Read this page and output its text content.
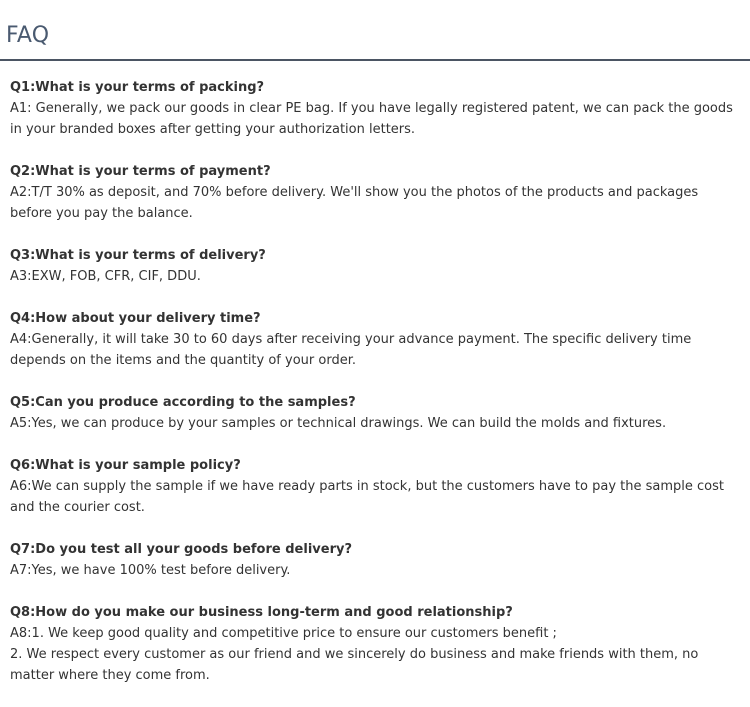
FAQ

Q1:What is your terms of packing?

A1: Generally, we pack our goods in clear PE bag. If you have legally registered patent, we can pack the goods
in your branded boxes after getting your authorization letters.

Q2:What is your terms of payment?

A2:T/T 30% as deposit, and 70% before delivery. We'll show you the photos of the products and packages
before you pay the balance.

Q3:What is your terms of delivery?

A3:EXW, FOB, CFR, CIF, DDU.

Q4:How about your delivery time?

A4:Generally, it will take 30 to 60 days after receiving your advance payment. The specific delivery time
depends on the items and the quantity of your order.

Q5:Can you produce according to the samples?

A5:Yes, we can produce by your samples or technical drawings. We can build the molds and fixtures.

Q6:What is your sample policy?

A6:We can supply the sample if we have ready parts in stock, but the customers have to pay the sample cost
and the courier cost.

Q7:Do you test all your goods before delivery?

A7:Yes, we have 100% test before delivery.

Q8:How do you make our business long-term and good relationship?

A8:1. We keep good quality and competitive price to ensure our customers benefit ;
2. We respect every customer as our friend and we sincerely do business and make friends with them, no
matter where they come from.
